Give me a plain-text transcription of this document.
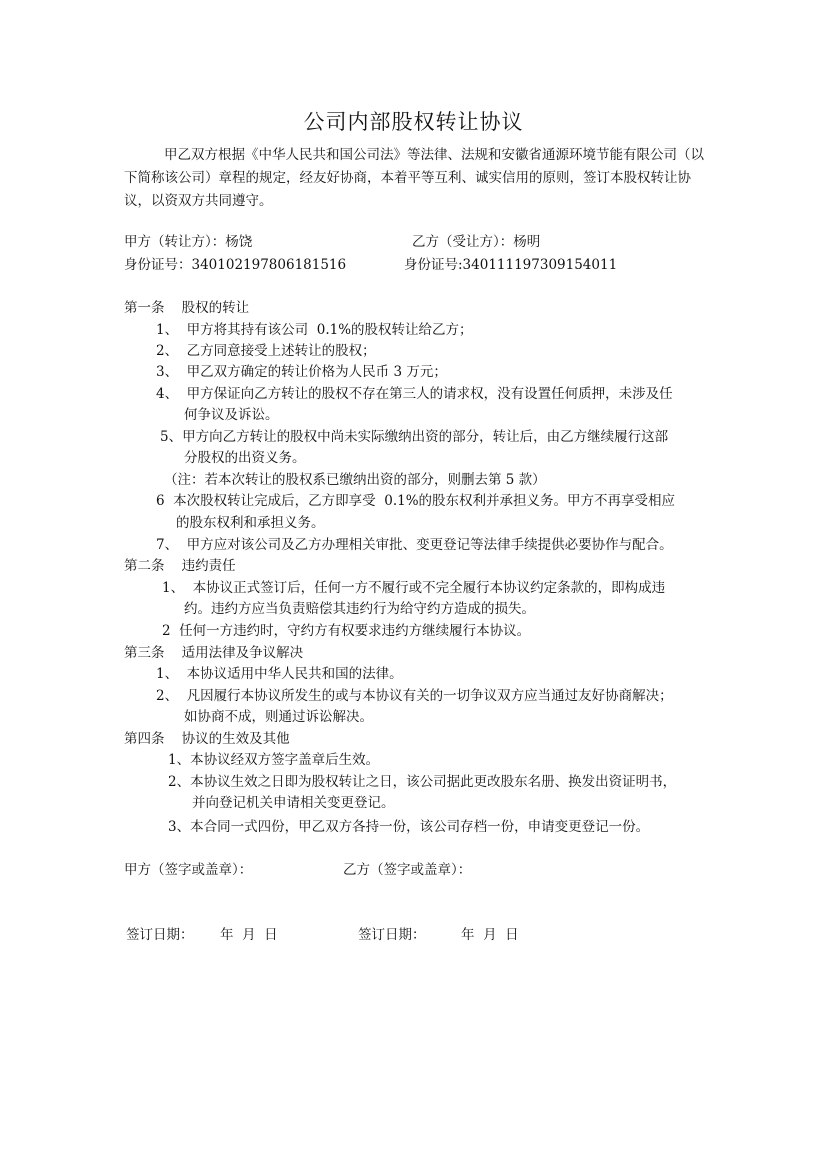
公司内部股权转让协议
甲乙双方根据《中华人民共和国公司法》等法律、法规和安徽省通源环境节能有限公司（以下简称该公司）章程的规定，经友好协商，本着平等互利、诚实信用的原则，签订本股权转让协议，以资双方共同遵守。
甲方（转让方）：杨饶	乙方（受让方）：杨明
身份证号：340102197806181516	身份证号:340111197309154011
第一条    股权的转让
1、  甲方将其持有该公司  0.1%的股权转让给乙方；
2、  乙方同意接受上述转让的股权；
3、  甲乙双方确定的转让价格为人民币 3 万元；
4、  甲方保证向乙方转让的股权不存在第三人的请求权，没有设置任何质押，未涉及任
何争议及诉讼。
5、甲方向乙方转让的股权中尚未实际缴纳出资的部分，转让后，由乙方继续履行这部
分股权的出资义务。
（注：若本次转让的股权系已缴纳出资的部分，则删去第 5 款）
6  本次股权转让完成后，乙方即享受  0.1%的股东权利并承担义务。甲方不再享受相应
的股东权利和承担义务。
7、  甲方应对该公司及乙方办理相关审批、变更登记等法律手续提供必要协作与配合。
第二条    违约责任
1、  本协议正式签订后，任何一方不履行或不完全履行本协议约定条款的，即构成违
约。违约方应当负责赔偿其违约行为给守约方造成的损失。
2  任何一方违约时，守约方有权要求违约方继续履行本协议。
第三条    适用法律及争议解决
1、  本协议适用中华人民共和国的法律。
2、  凡因履行本协议所发生的或与本协议有关的一切争议双方应当通过友好协商解决；
如协商不成，则通过诉讼解决。
第四条    协议的生效及其他
1、本协议经双方签字盖章后生效。
2、本协议生效之日即为股权转让之日，该公司据此更改股东名册、换发出资证明书，
并向登记机关申请相关变更登记。
3、本合同一式四份，甲乙双方各持一份，该公司存档一份，申请变更登记一份。
甲方（签字或盖章）：	乙方（签字或盖章）：
签订日期： 年  月  日	签订日期：	年  月  日
